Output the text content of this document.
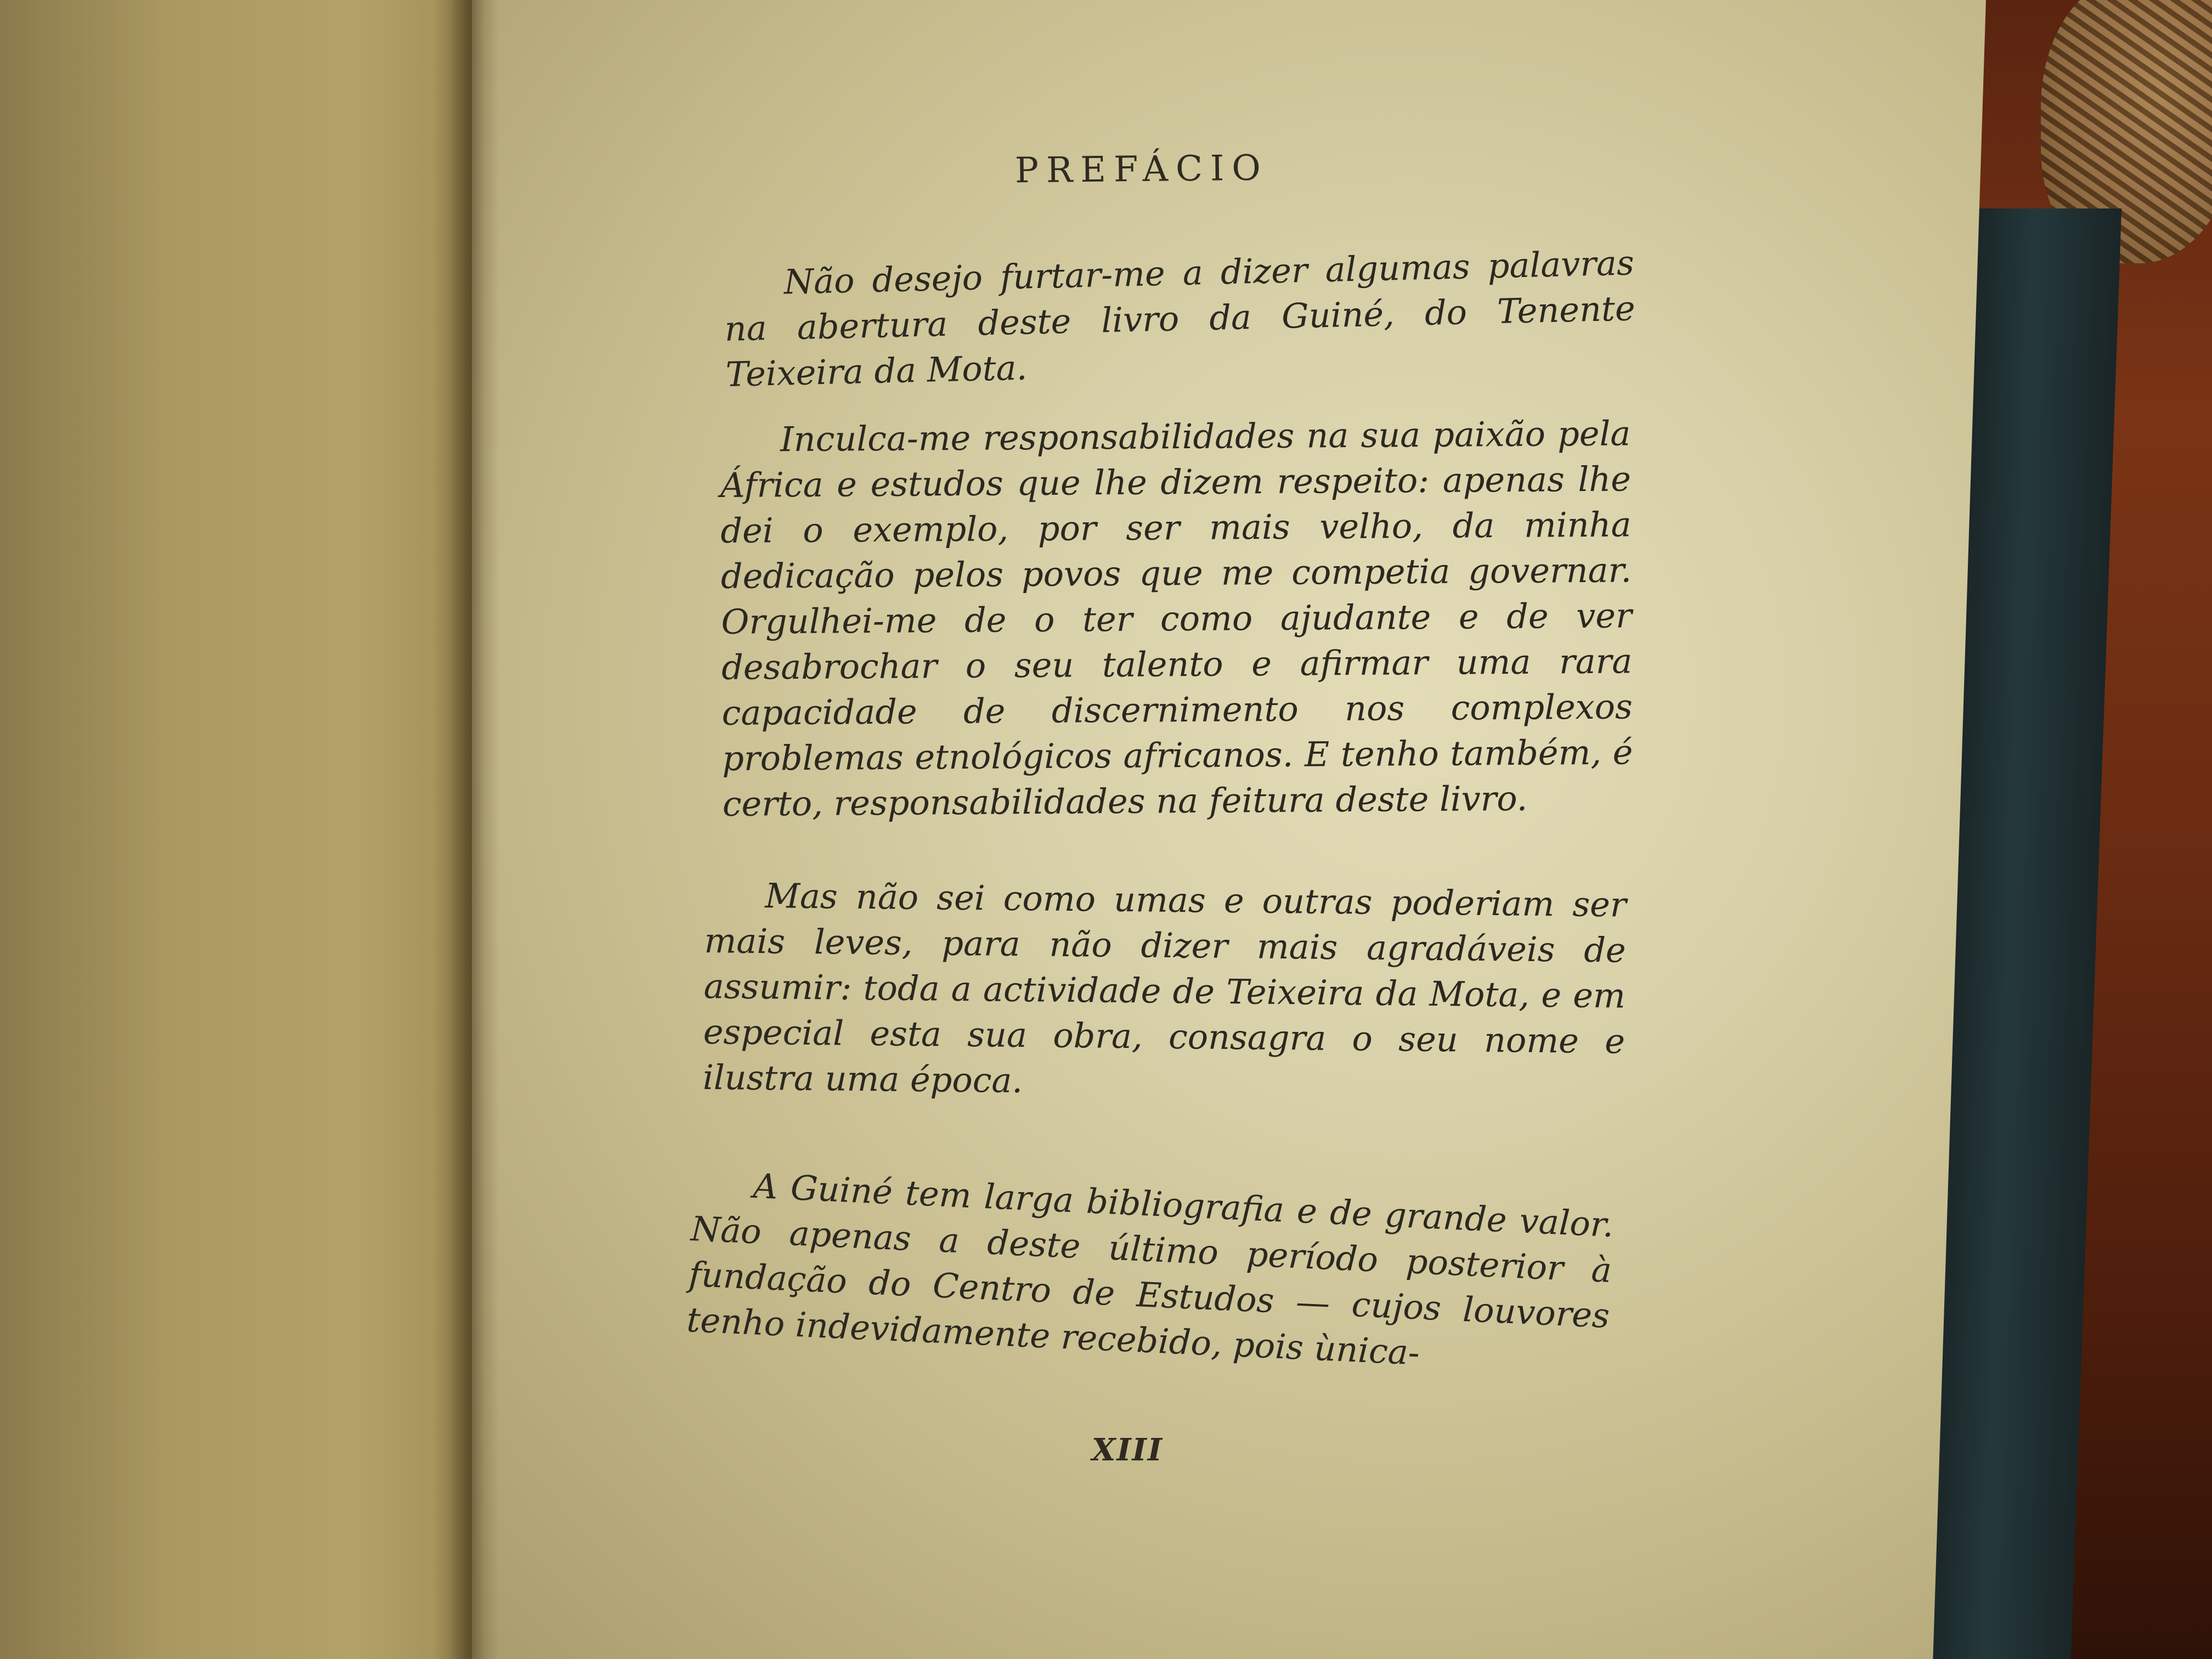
PREFÁCIO

Não desejo furtar-me a dizer algumas palavras na abertura deste livro da Guiné, do Tenente Teixeira da Mota.

Inculca-me responsabilidades na sua paixão pela África e estudos que lhe dizem respeito: apenas lhe dei o exemplo, por ser mais velho, da minha dedicação pelos povos que me competia governar. Orgulhei-me de o ter como ajudante e de ver desabrochar o seu talento e afirmar uma rara capacidade de discernimento nos complexos problemas etnológicos africanos. E tenho também, é certo, responsabilidades na feitura deste livro.

Mas não sei como umas e outras poderiam ser mais leves, para não dizer mais agradáveis de assumir: toda a actividade de Teixeira da Mota, e em especial esta sua obra, consagra o seu nome e ilustra uma época.

A Guiné tem larga bibliografia e de grande valor. Não apenas a deste último período posterior à fundação do Centro de Estudos — cujos louvores tenho indevidamente recebido, pois ùnica-

XIII
